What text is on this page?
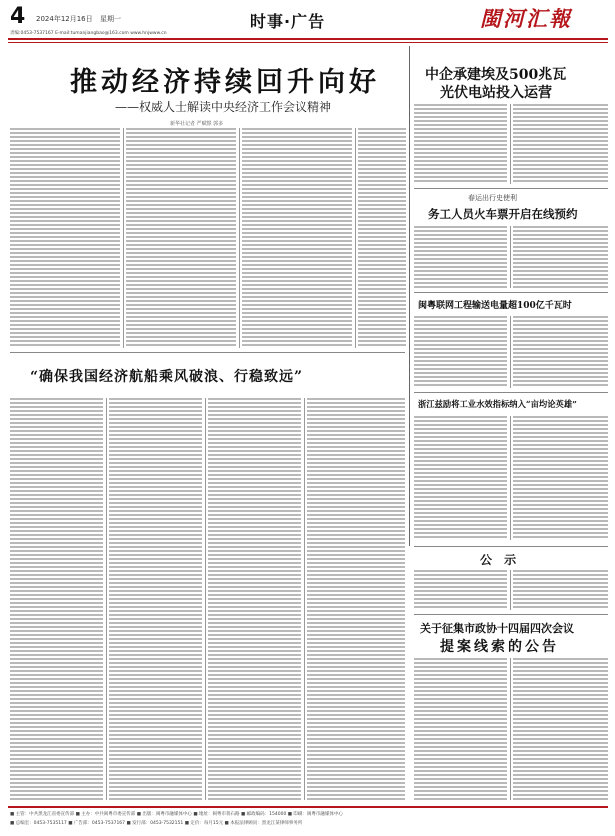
4 2024年12月16日 星期一	时事·广告	閩河汇報
责编:0453-7537167 E-mail:tumanjiangbao@163.com www.hnjwww.cn
推动经济持续回升向好
——权威人士解读中央经济工作会议精神
新华社记者 严赋憬 郭多
“确保我国经济航船乘风破浪、行稳致远”
中企承建埃及500兆瓦
光伏电站投入运营
春运出行史使利
务工人员火车票开启在线预约
闽粤联网工程输送电量超100亿千瓦时
浙江兹励将工业水效指标纳入“亩均论英雄”
公 示
关于征集市政协十四届四次会议
提案线索的公告
■ 主管：中共黑龙江省委宣传部 ■ 主办：中共闽粤市委宣传部 ■ 出版：闽粤市融媒体中心 ■ 地址：闽粤市蒋石路 ■ 邮政编码：154000 ■ 印刷：闽粤市融媒体中心
■ 总编室：0453-7535117 ■ 广告部：0453-7537167 ■ 发行部：0453-7532151 ■ 定价：每月15元 ■ 本报法律顾问：黑龙江某律师事务所
